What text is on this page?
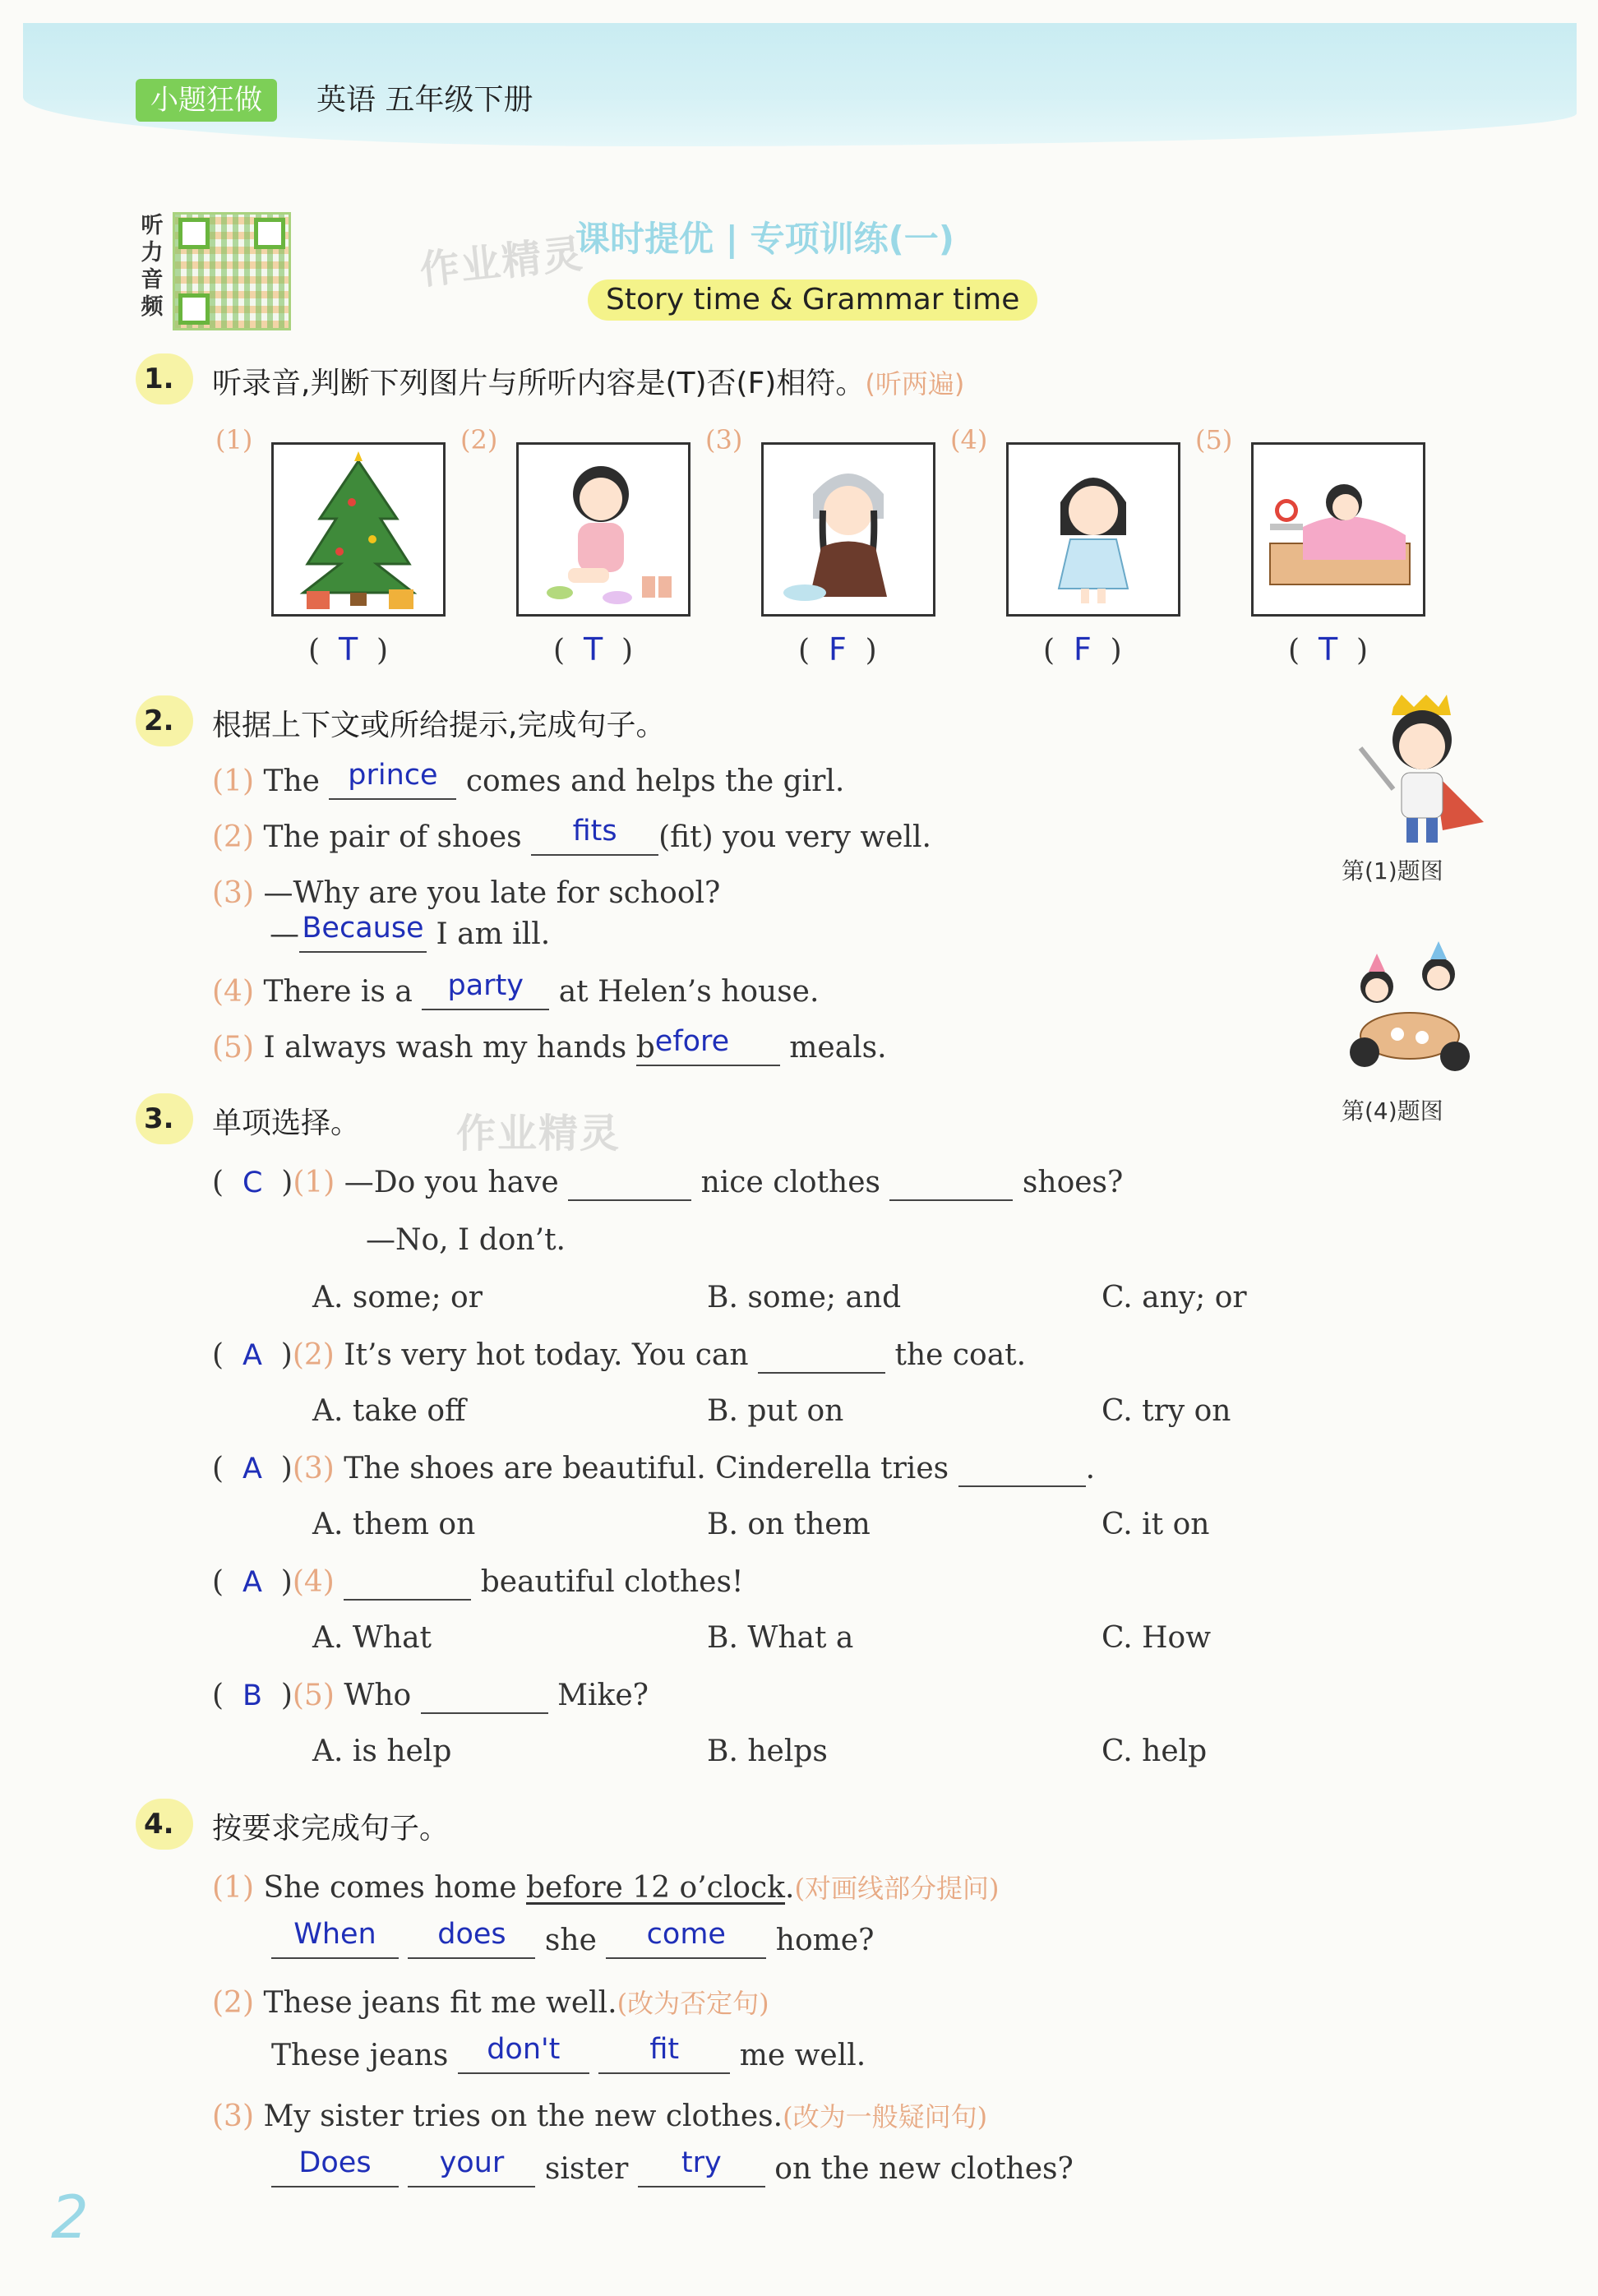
小题狂做	英语 五年级下册
听力音频
作业精灵
课时提优 | 专项训练(一)
Story time & Grammar time
1.	听录音,判断下列图片与所听内容是(T)否(F)相符。(听两遍)
(1)	(2)	(3)	(4)	(5)
(  T  )	(  T  )	(  F  )	(  F  )	(  T  )
2.	根据上下文或所给提示,完成句子。
(1) The prince comes and helps the girl.
(2) The pair of shoes fits (fit) you very well.
(3) —Why are you late for school?
—Because I am ill.
(4) There is a party at Helen’s house.
(5) I always wash my hands before meals.
第(1)题图
第(4)题图
3.	单项选择。 作业精灵
(  C  )(1) —Do you have	nice clothes	shoes?
—No, I don’t.
A. some; or	B. some; and	C. any; or
(  A  )(2) It’s very hot today. You can	the coat.
A. take off	B. put on	C. try on
(  A  )(3) The shoes are beautiful. Cinderella tries	.
A. them on	B. on them	C. it on
(  A  )(4)	beautiful clothes!
A. What	B. What a	C. How
(  B  )(5) Who	Mike?
A. is help	B. helps	C. help
4.	按要求完成句子。
(1) She comes home before 12 o’clock.(对画线部分提问)
When does she come home?
(2) These jeans fit me well.(改为否定句)
These jeans don't	fit me well.
(3) My sister tries on the new clothes.(改为一般疑问句)
Does your sister try on the new clothes?
2
